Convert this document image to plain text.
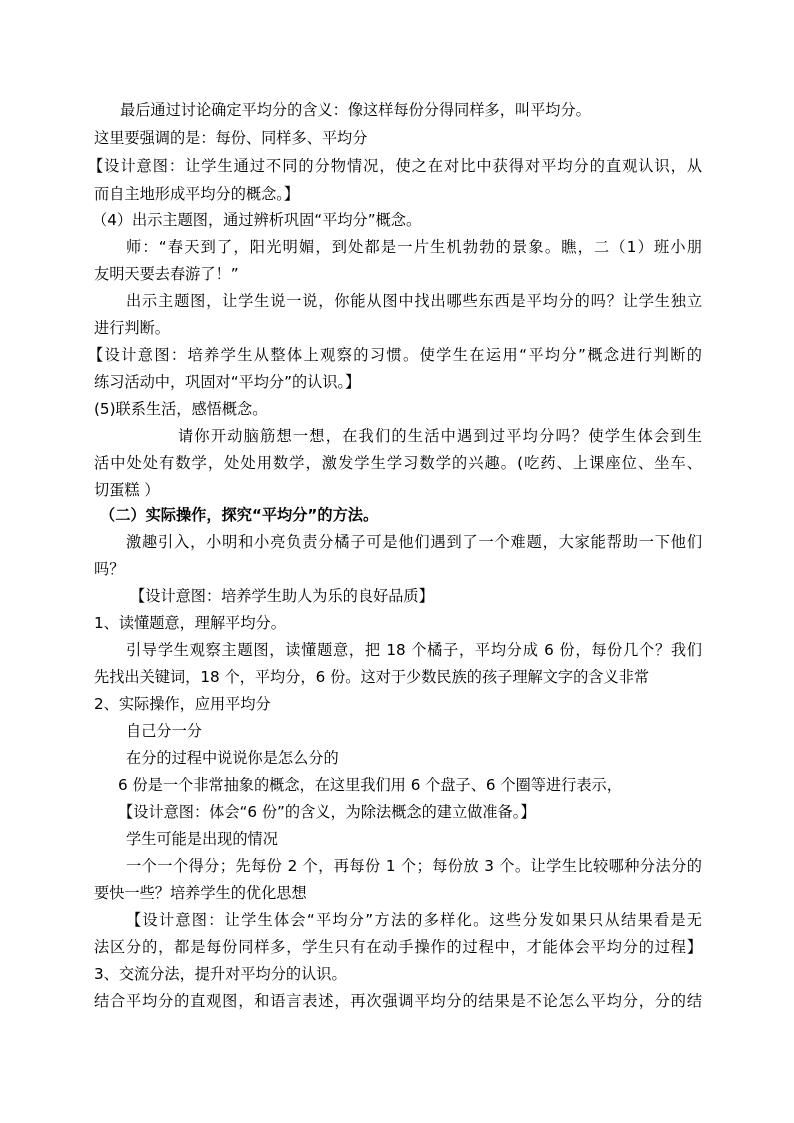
最后通过讨论确定平均分的含义：像这样每份分得同样多，叫平均分。
这里要强调的是：每份、同样多、平均分
【设计意图：让学生通过不同的分物情况，使之在对比中获得对平均分的直观认识，从
而自主地形成平均分的概念。】
（4）出示主题图，通过辨析巩固“平均分”概念。
师：“春天到了，阳光明媚，到处都是一片生机勃勃的景象。瞧，二（1）班小朋
友明天要去春游了！”
出示主题图，让学生说一说，你能从图中找出哪些东西是平均分的吗？让学生独立
进行判断。
【设计意图：培养学生从整体上观察的习惯。使学生在运用“平均分”概念进行判断的
练习活动中，巩固对“平均分”的认识。】
(5)联系生活，感悟概念。
请你开动脑筋想一想，在我们的生活中遇到过平均分吗？使学生体会到生
活中处处有数学，处处用数学，激发学生学习数学的兴趣。(吃药、上课座位、坐车、
切蛋糕 ）
（二）实际操作，探究“平均分”的方法。
激趣引入，小明和小亮负责分橘子可是他们遇到了一个难题，大家能帮助一下他们
吗？
【设计意图：培养学生助人为乐的良好品质】
1、读懂题意，理解平均分。
引导学生观察主题图，读懂题意，把 18 个橘子，平均分成 6 份，每份几个？我们
先找出关键词，18 个，平均分，6 份。这对于少数民族的孩子理解文字的含义非常
2、实际操作，应用平均分
自己分一分
在分的过程中说说你是怎么分的
6 份是一个非常抽象的概念，在这里我们用 6 个盘子、6 个圈等进行表示，
【设计意图：体会“6 份”的含义，为除法概念的建立做准备。】
学生可能是出现的情况
一个一个得分；先每份 2 个，再每份 1 个；每份放 3 个。让学生比较哪种分法分的
要快一些？培养学生的优化思想
【设计意图：让学生体会“平均分”方法的多样化。这些分发如果只从结果看是无
法区分的，都是每份同样多，学生只有在动手操作的过程中，才能体会平均分的过程】
3、交流分法，提升对平均分的认识。
结合平均分的直观图，和语言表述，再次强调平均分的结果是不论怎么平均分，分的结
